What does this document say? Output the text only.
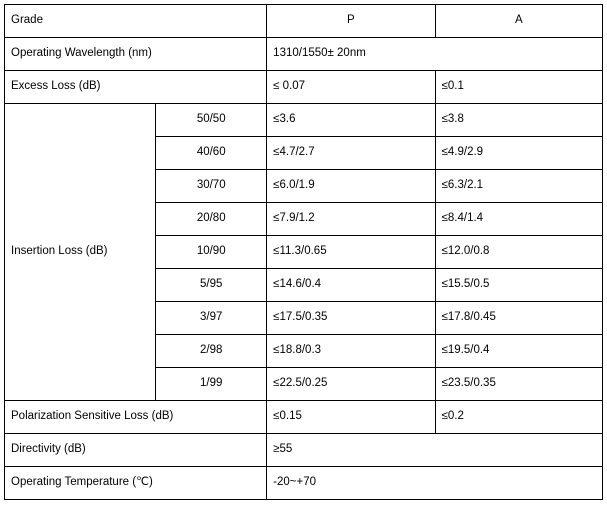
Grade		P	A
Operating Wavelength (nm)		1310/1550± 20nm	
Excess Loss (dB)		≤ 0.07	≤0.1
Insertion Loss (dB)	50/50	≤3.6	≤3.8
	40/60	≤4.7/2.7	≤4.9/2.9
	30/70	≤6.0/1.9	≤6.3/2.1
	20/80	≤7.9/1.2	≤8.4/1.4
	10/90	≤11.3/0.65	≤12.0/0.8
	5/95	≤14.6/0.4	≤15.5/0.5
	3/97	≤17.5/0.35	≤17.8/0.45
	2/98	≤18.8/0.3	≤19.5/0.4
	1/99	≤22.5/0.25	≤23.5/0.35
Polarization Sensitive Loss (dB)		≤0.15	≤0.2
Directivity (dB)		≥55	
Operating Temperature (℃)		-20~+70	
